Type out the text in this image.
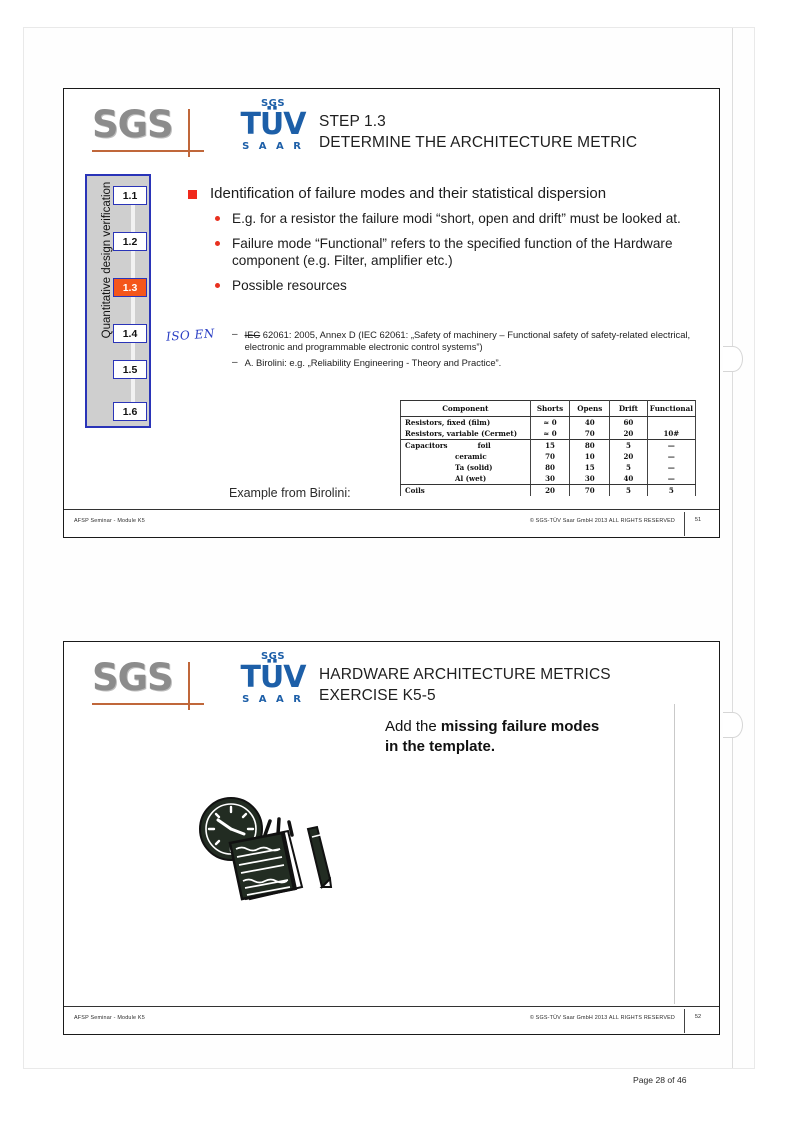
SGS	SGS
TÜV
S A A R
STEP 1.3
DETERMINE THE ARCHITECTURE METRIC
Quantitative design verification 1.1
1.2
1.3
1.4
1.5
1.6
Identification of failure modes and their statistical dispersion
E.g. for a resistor the failure modi “short, open and drift” must be looked at.
Failure mode “Functional” refers to the specified function of the Hardware component (e.g. Filter, amplifier etc.)
Possible resources
– IEC 62061: 2005, Annex D (IEC 62061: „Safety of machinery – Functional safety of safety-related electrical, electronic and programmable electronic control systems”)
– A. Birolini: e.g. „Reliability Engineering - Theory and Practice”.
ISO EN
Example from Birolini:
Component	Shorts	Opens	Drift	Functional
Resistors, fixed (film)	≈ 0	40	60	
Resistors, variable (Cermet)	≈ 0	70	20	10#
Capacitors foil	15	80	5	—
ceramic	70	10	20	—
Ta (solid)	80	15	5	—
Al (wet)	30	30	40	—
Coils	20	70	5	5
AFSP Seminar - Module K5	© SGS-TÜV Saar GmbH 2013 ALL RIGHTS RESERVED	51
SGS	SGS
TÜV
S A A R
HARDWARE ARCHITECTURE METRICS
EXERCISE K5-5
Add the missing failure modes
in the template.
AFSP Seminar - Module K5	© SGS-TÜV Saar GmbH 2013 ALL RIGHTS RESERVED	52
Page 28 of 46
